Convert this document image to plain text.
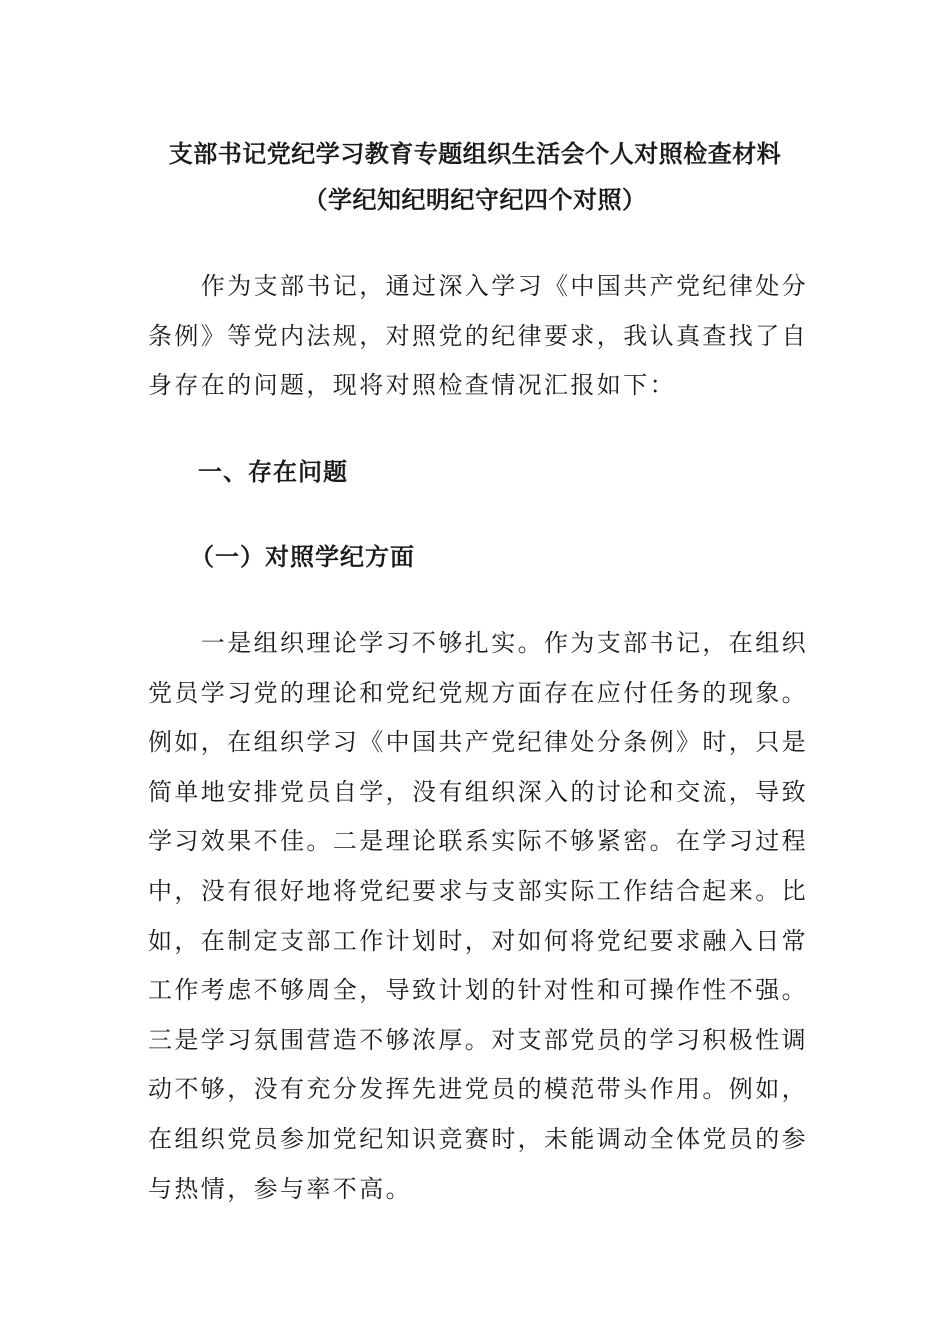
支部书记党纪学习教育专题组织生活会个人对照检查材料
（学纪知纪明纪守纪四个对照）
　　作为支部书记，通过深入学习《中国共产党纪律处分
条例》等党内法规，对照党的纪律要求，我认真查找了自
身存在的问题，现将对照检查情况汇报如下：
一、存在问题
（一）对照学纪方面
　　一是组织理论学习不够扎实。作为支部书记，在组织
党员学习党的理论和党纪党规方面存在应付任务的现象。
例如，在组织学习《中国共产党纪律处分条例》时，只是
简单地安排党员自学，没有组织深入的讨论和交流，导致
学习效果不佳。二是理论联系实际不够紧密。在学习过程
中，没有很好地将党纪要求与支部实际工作结合起来。比
如，在制定支部工作计划时，对如何将党纪要求融入日常
工作考虑不够周全，导致计划的针对性和可操作性不强。
三是学习氛围营造不够浓厚。对支部党员的学习积极性调
动不够，没有充分发挥先进党员的模范带头作用。例如，
在组织党员参加党纪知识竞赛时，未能调动全体党员的参
与热情，参与率不高。
